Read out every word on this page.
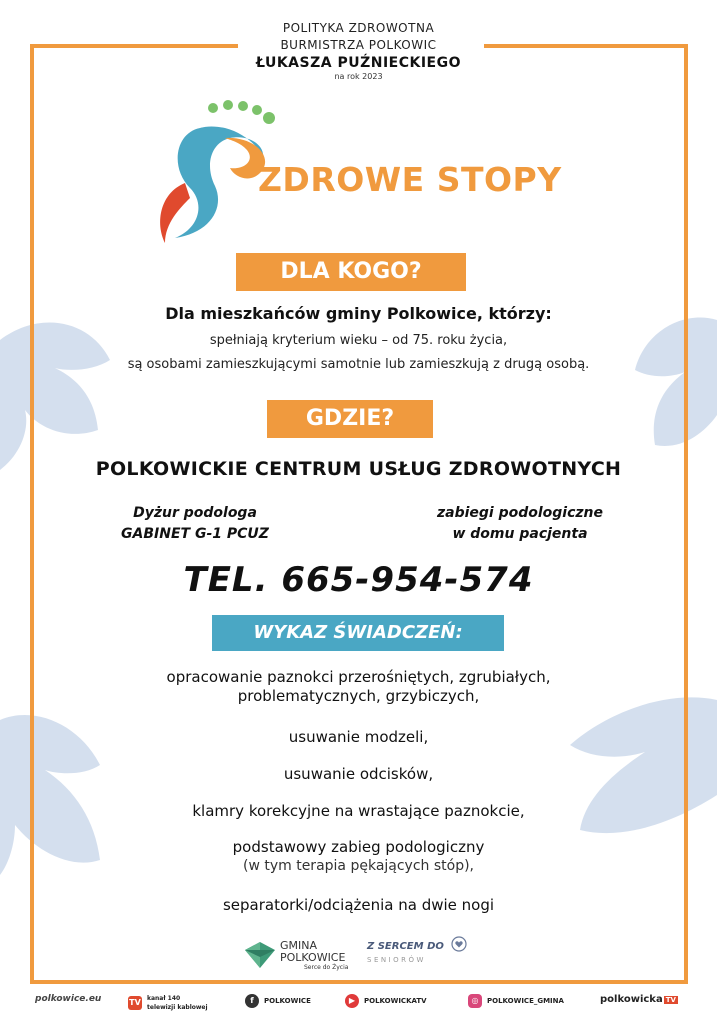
POLITYKA ZDROWOTNA
BURMISTRZA POLKOWIC
ŁUKASZA PUŹNIECKIEGO
na rok 2023
ZDROWE STOPY
DLA KOGO?
Dla mieszkańców gminy Polkowice, którzy:
spełniają kryterium wieku – od 75. roku życia,
są osobami zamieszkującymi samotnie lub zamieszkują z drugą osobą.
GDZIE?
POLKOWICKIE CENTRUM USŁUG ZDROWOTNYCH
Dyżur podologa
GABINET G-1 PCUZ
zabiegi podologiczne
w domu pacjenta
TEL. 665-954-574
WYKAZ ŚWIADCZEŃ:
opracowanie paznokci przerośniętych, zgrubiałych,
problematycznych, grzybiczych,
usuwanie modzeli,
usuwanie odcisków,
klamry korekcyjne na wrastające paznokcie,
podstawowy zabieg podologiczny
(w tym terapia pękających stóp),
separatorki/odciążenia na dwie nogi
GMINA
POLKOWICE
Serce do Życia
Z SERCEM DO
SENIORÓW
polkowice.eu	TV kanał 140
telewizji kablowej
f	POLKOWICE	▶	POLKOWICKATV	◎	POLKOWICE_GMINA	polkowicka TV
